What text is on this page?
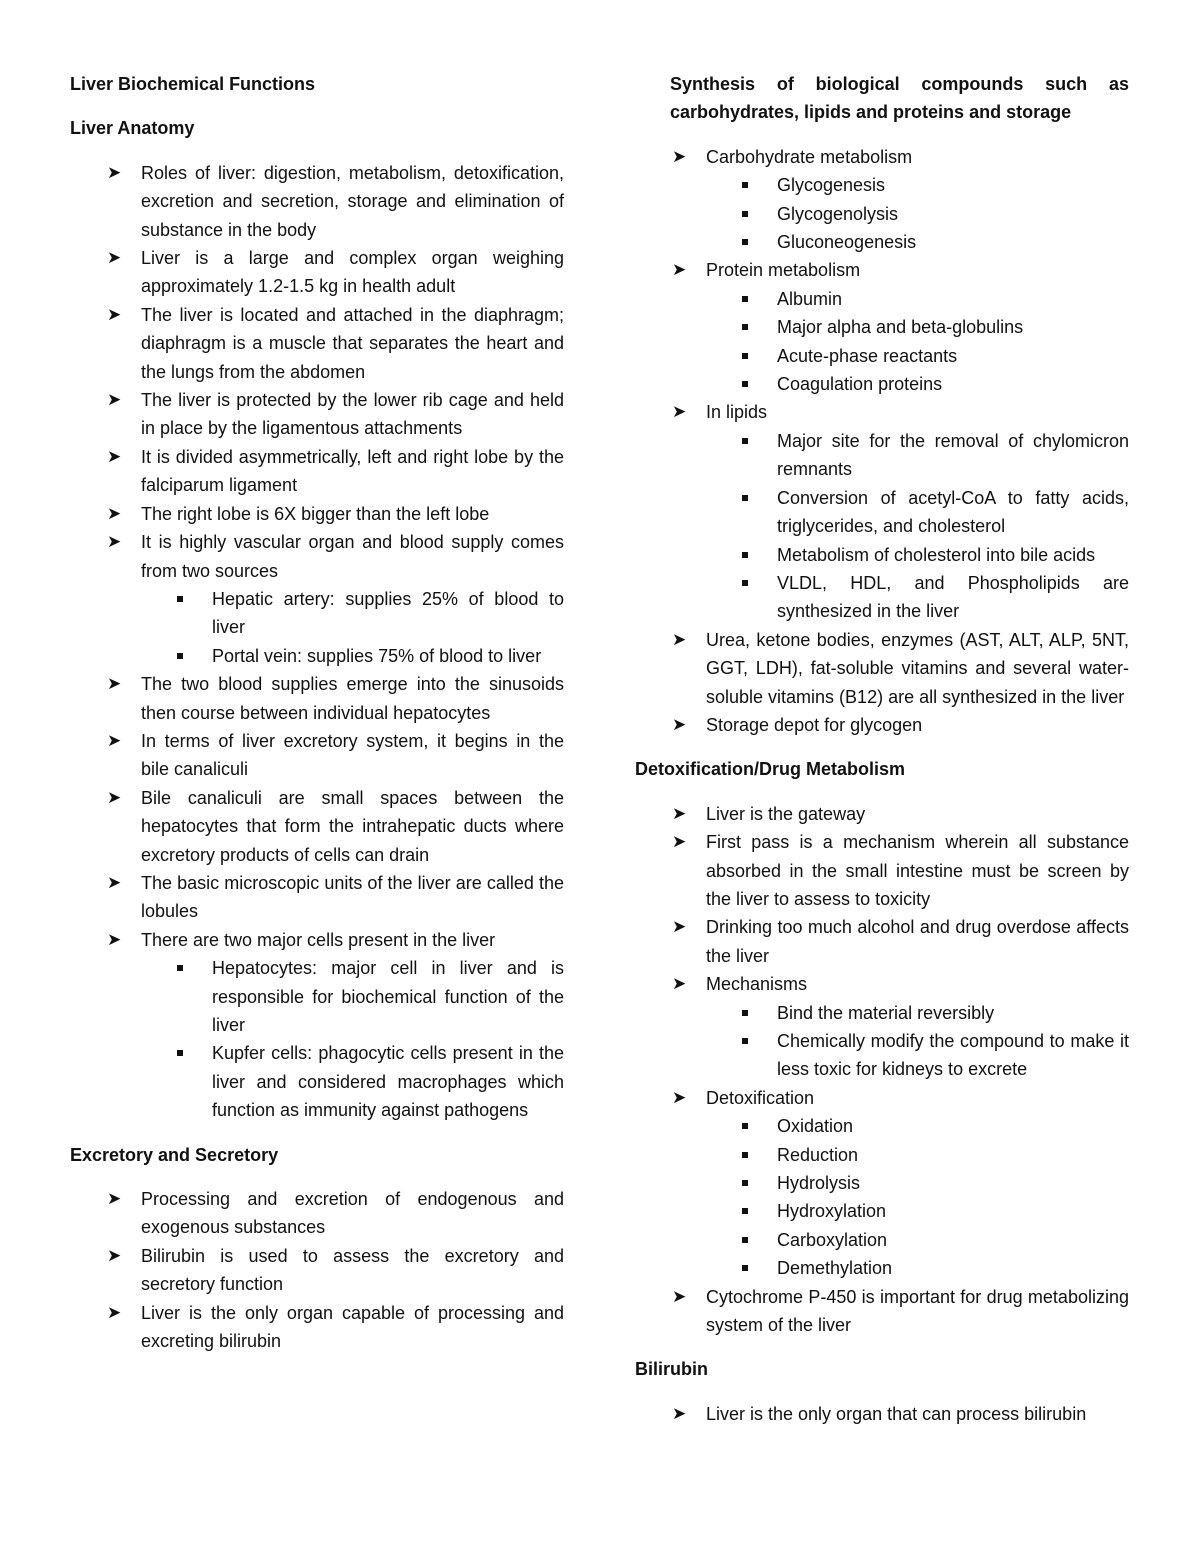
Liver Biochemical Functions

Liver Anatomy

➤ Roles of liver: digestion, metabolism, detoxification, excretion and secretion, storage and elimination of substance in the body
➤ Liver is a large and complex organ weighing approximately 1.2-1.5 kg in health adult
➤ The liver is located and attached in the diaphragm; diaphragm is a muscle that separates the heart and the lungs from the abdomen
➤ The liver is protected by the lower rib cage and held in place by the ligamentous attachments
➤ It is divided asymmetrically, left and right lobe by the falciparum ligament
➤ The right lobe is 6X bigger than the left lobe
➤ It is highly vascular organ and blood supply comes from two sources
Hepatic artery: supplies 25% of blood to liver
Portal vein: supplies 75% of blood to liver
➤ The two blood supplies emerge into the sinusoids then course between individual hepatocytes
➤ In terms of liver excretory system, it begins in the bile canaliculi
➤ Bile canaliculi are small spaces between the hepatocytes that form the intrahepatic ducts where excretory products of cells can drain
➤ The basic microscopic units of the liver are called the lobules
➤ There are two major cells present in the liver
Hepatocytes: major cell in liver and is responsible for biochemical function of the liver
Kupfer cells: phagocytic cells present in the liver and considered macrophages which function as immunity against pathogens

Excretory and Secretory

➤ Processing and excretion of endogenous and exogenous substances
➤ Bilirubin is used to assess the excretory and secretory function
➤ Liver is the only organ capable of processing and excreting bilirubin

Synthesis of biological compounds such as carbohydrates, lipids and proteins and storage

➤ Carbohydrate metabolism
Glycogenesis
Glycogenolysis
Gluconeogenesis
➤ Protein metabolism
Albumin
Major alpha and beta-globulins
Acute-phase reactants
Coagulation proteins
➤ In lipids
Major site for the removal of chylomicron remnants
Conversion of acetyl-CoA to fatty acids, triglycerides, and cholesterol
Metabolism of cholesterol into bile acids
VLDL, HDL, and Phospholipids are synthesized in the liver
➤ Urea, ketone bodies, enzymes (AST, ALT, ALP, 5NT, GGT, LDH), fat-soluble vitamins and several water-soluble vitamins (B12) are all synthesized in the liver
➤ Storage depot for glycogen

Detoxification/Drug Metabolism

➤ Liver is the gateway
➤ First pass is a mechanism wherein all substance absorbed in the small intestine must be screen by the liver to assess to toxicity
➤ Drinking too much alcohol and drug overdose affects the liver
➤ Mechanisms
Bind the material reversibly
Chemically modify the compound to make it less toxic for kidneys to excrete
➤ Detoxification
Oxidation
Reduction
Hydrolysis
Hydroxylation
Carboxylation
Demethylation
➤ Cytochrome P-450 is important for drug metabolizing system of the liver

Bilirubin

➤ Liver is the only organ that can process bilirubin
